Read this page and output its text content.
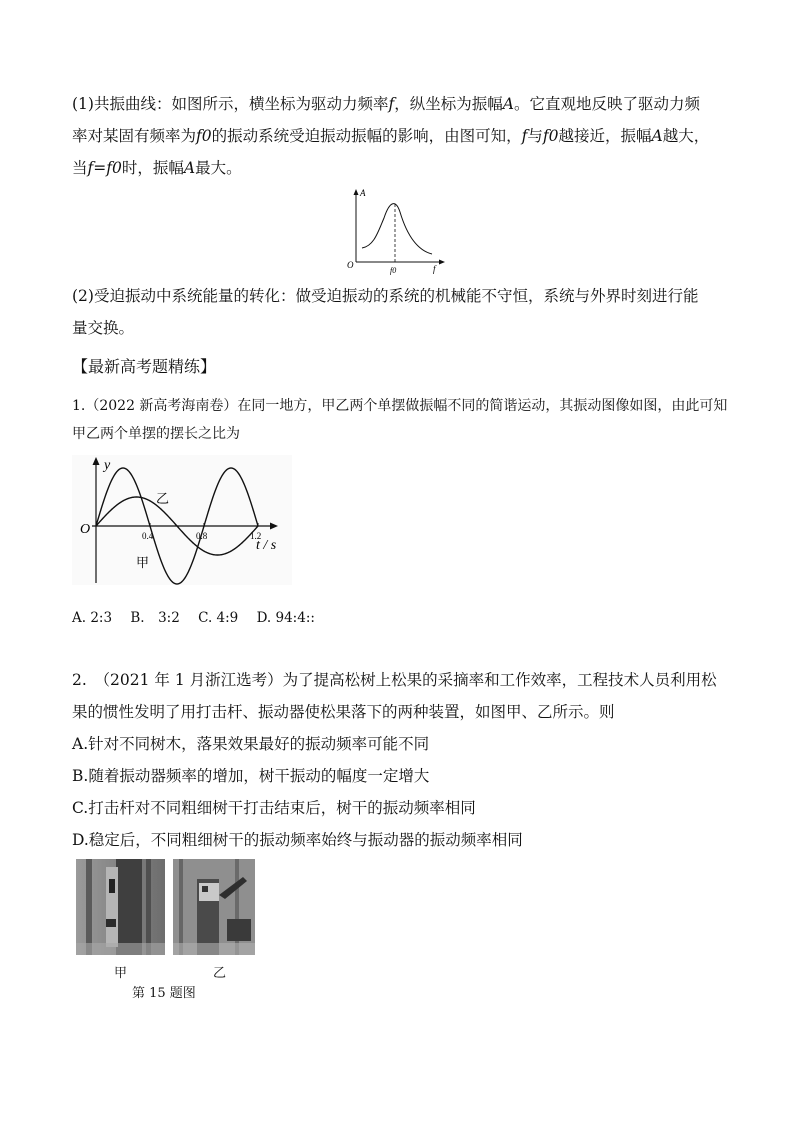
(1)共振曲线：如图所示，横坐标为驱动力频率f，纵坐标为振幅A。它直观地反映了驱动力频
率对某固有频率为f0的振动系统受迫振动振幅的影响，由图可知，f与f0越接近，振幅A越大，
当f=f0时，振幅A最大。

A
f
O
f0

(2)受迫振动中系统能量的转化：做受迫振动的系统的机械能不守恒，系统与外界时刻进行能
量交换。

【最新高考题精练】

1.（2022 新高考海南卷）在同一地方，甲乙两个单摆做振幅不同的简谐运动，其振动图像如图，由此可知
甲乙两个单摆的摆长之比为

y
t / s
O
乙
甲
0.4	0.8	1.2
A. 2:3 B.　3:2 C. 4:9 D. 94:4::

2.　（2021 年 1 月浙江选考）为了提高松树上松果的采摘率和工作效率，工程技术人员利用松
果的惯性发明了用打击杆、振动器使松果落下的两种装置，如图甲、乙所示。则
A.针对不同树木，落果效果最好的振动频率可能不同
B.随着振动器频率的增加，树干振动的幅度一定增大
C.打击杆对不同粗细树干打击结束后，树干的振动频率相同
D.稳定后，不同粗细树干的振动频率始终与振动器的振动频率相同

甲	乙
第 15 题图
